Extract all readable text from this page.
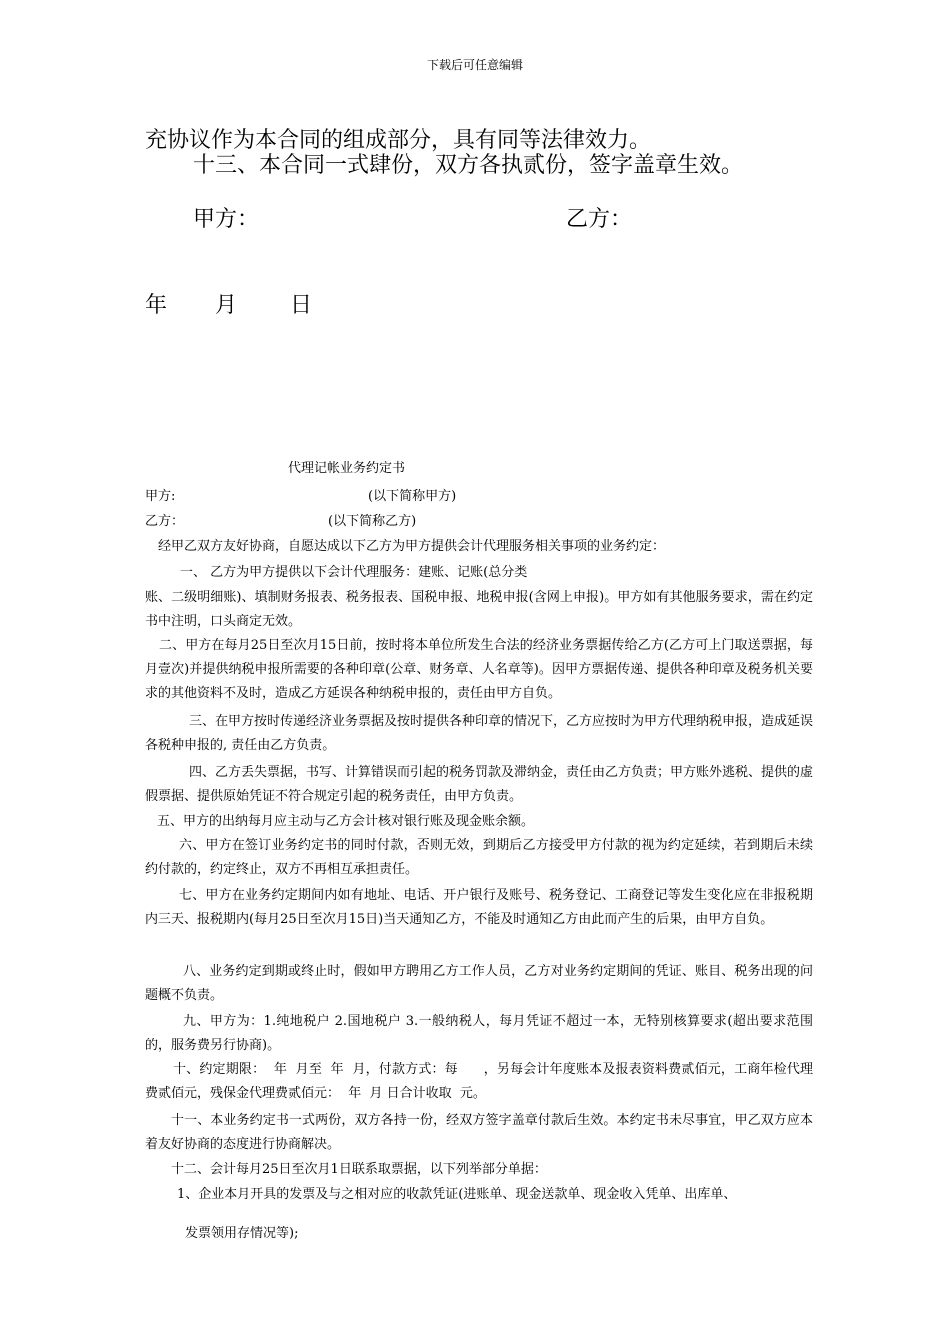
下载后可任意编辑
充协议作为本合同的组成部分，具有同等法律效力。
十三、本合同一式肆份，双方各执贰份，签字盖章生效。
甲方：	乙方：
年 月 日
代理记帐业务约定书
甲方:	(以下简称甲方)
乙方：	(以下简称乙方)
经甲乙双方友好协商，自愿达成以下乙方为甲方提供会计代理服务相关事项的业务约定：
一、 乙方为甲方提供以下会计代理服务：建账、记账(总分类
账、二级明细账)、填制财务报表、税务报表、国税申报、地税申报(含网上申报)。甲方如有其他服务要求，需在约定书中注明，口头商定无效。
二、甲方在每月25日至次月15日前，按时将本单位所发生合法的经济业务票据传给乙方(乙方可上门取送票据，每月壹次)并提供纳税申报所需要的各种印章(公章、财务章、人名章等)。因甲方票据传递、提供各种印章及税务机关要求的其他资料不及时，造成乙方延误各种纳税申报的，责任由甲方自负。
三、在甲方按时传递经济业务票据及按时提供各种印章的情况下，乙方应按时为甲方代理纳税申报，造成延误各税种申报的, 责任由乙方负责。
四、乙方丢失票据，书写、计算错误而引起的税务罚款及滞纳金，责任由乙方负责；甲方账外逃税、提供的虚假票据、提供原始凭证不符合规定引起的税务责任，由甲方负责。
五、甲方的出纳每月应主动与乙方会计核对银行账及现金账余额。
六、甲方在签订业务约定书的同时付款，否则无效，到期后乙方接受甲方付款的视为约定延续，若到期后未续约付款的，约定终止，双方不再相互承担责任。
七、甲方在业务约定期间内如有地址、电话、开户银行及账号、税务登记、工商登记等发生变化应在非报税期内三天、报税期内(每月25日至次月15日)当天通知乙方，不能及时通知乙方由此而产生的后果，由甲方自负。
八、业务约定到期或终止时，假如甲方聘用乙方工作人员，乙方对业务约定期间的凭证、账目、税务出现的问题概不负责。
九、甲方为：1.纯地税户 2.国地税户 3.一般纳税人，每月凭证不超过一本，无特别核算要求(超出要求范围的，服务费另行协商)。
十、约定期限：  年  月至  年  月，付款方式：每      ，另每会计年度账本及报表资料费贰佰元，工商年检代理费贰佰元，残保金代理费贰佰元：  年  月 日合计收取  元。
十一、本业务约定书一式两份，双方各持一份，经双方签字盖章付款后生效。本约定书未尽事宜，甲乙双方应本着友好协商的态度进行协商解决。
十二、会计每月25日至次月1日联系取票据，以下列举部分单据：
1、企业本月开具的发票及与之相对应的收款凭证(进账单、现金送款单、现金收入凭单、出库单、
发票领用存情况等);
